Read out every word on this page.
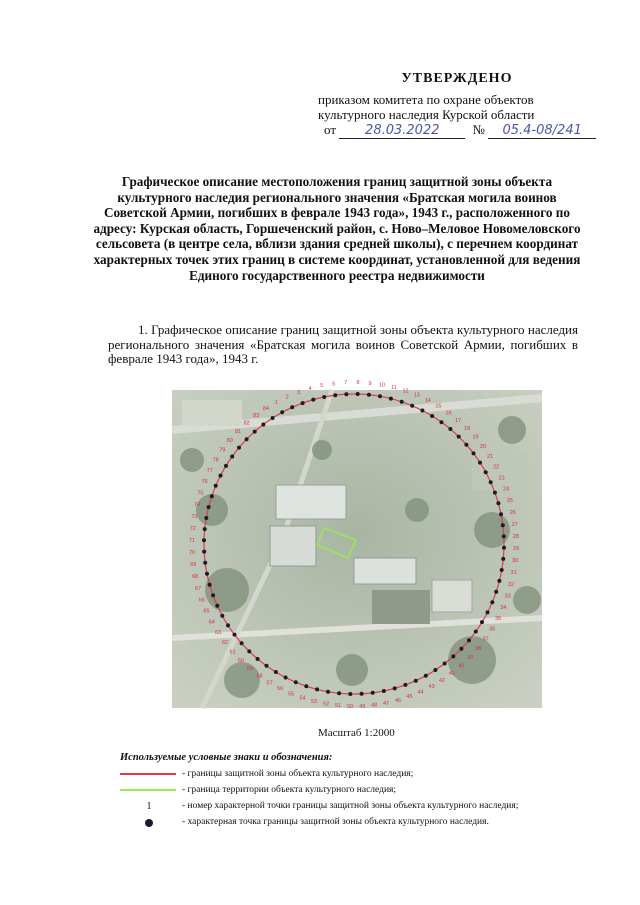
УТВЕРЖДЕНО
приказом комитета по охране объектов
культурного наследия Курской области
от 28.03.2022	№ 05.4-08/241
Графическое описание местоположения границ защитной зоны объекта культурного наследия регионального значения «Братская могила воинов Советской Армии, погибших в феврале 1943 года», 1943 г., расположенного по адресу: Курская область, Горшеченский район, с. Ново–Меловое Новомеловского сельсовета (в центре села, вблизи здания средней школы), с перечнем координат характерных точек этих границ в системе координат, установленной для ведения Единого государственного реестра недвижимости
1. Графическое описание границ защитной зоны объекта культурного наследия регионального значения «Братская могила воинов Советской Армии, погибших в феврале 1943 года», 1943 г.
1
2
3
4 5 6 7 8 9 10 11
12
13
14
15
16
17
18
19
20
21
22
23
24
25
26
27
28
29
30
31
32
33
34
35
36
37
38
39
40
41
42
43
44
45
46
47
48
49
50
51
52
53
54
55
56
57
58
59
60
61
62
63
64
65
66
67
68
69
70
71
72
73
74
75
76
77
78
79
80
81
82
83
84
Масштаб 1:2000
Используемые условные знаки и обозначения:
- границы защитной зоны объекта культурного наследия;
- граница территории объекта культурного наследия;
1	- номер характерной точки границы защитной зоны объекта культурного наследия;
- характерная точка границы защитной зоны объекта культурного наследия.
